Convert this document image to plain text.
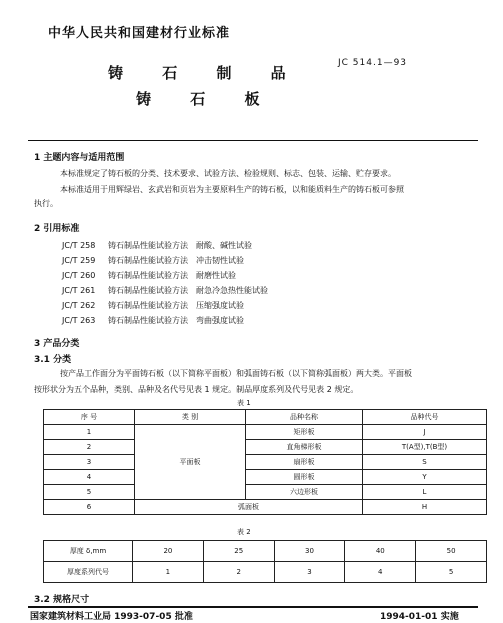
中华人民共和国建材行业标准
JC 514.1—93
铸 石 制 品
铸 石 板
1 主题内容与适用范围
本标准规定了铸石板的分类、技术要求、试验方法、检验规则、标志、包装、运输、贮存要求。
本标准适用于用辉绿岩、玄武岩和页岩为主要原料生产的铸石板，以和能质料生产的铸石板可参照
执行。
2 引用标准
JC/T 258 铸石制品性能试验方法 耐酸、碱性试验
JC/T 259 铸石制品性能试验方法 冲击韧性试验
JC/T 260 铸石制品性能试验方法 耐磨性试验
JC/T 261 铸石制品性能试验方法 耐急冷急热性能试验
JC/T 262 铸石制品性能试验方法 压缩强度试验
JC/T 263 铸石制品性能试验方法 弯曲强度试验
3 产品分类
3.1 分类
按产品工作面分为平面铸石板（以下简称平面板）和弧面铸石板（以下简称弧面板）两大类。平面板
按形状分为五个品种，类别、品种及名代号见表 1 规定。制品厚度系列及代号见表 2 规定。
表 1
序 号	类 别	品种名称	品种代号
1	平面板	矩形板	J
2		直角梯形板	T(A型),T(B型)
3		扇形板	S
4		圆形板	Y
5		六边形板	L
6	弧面板		H
表 2
厚度 δ,mm	20	25	30	40	50
厚度系列代号	1	2	3	4	5
3.2 规格尺寸
国家建筑材料工业局 1993-07-05 批准	1994-01-01 实施
